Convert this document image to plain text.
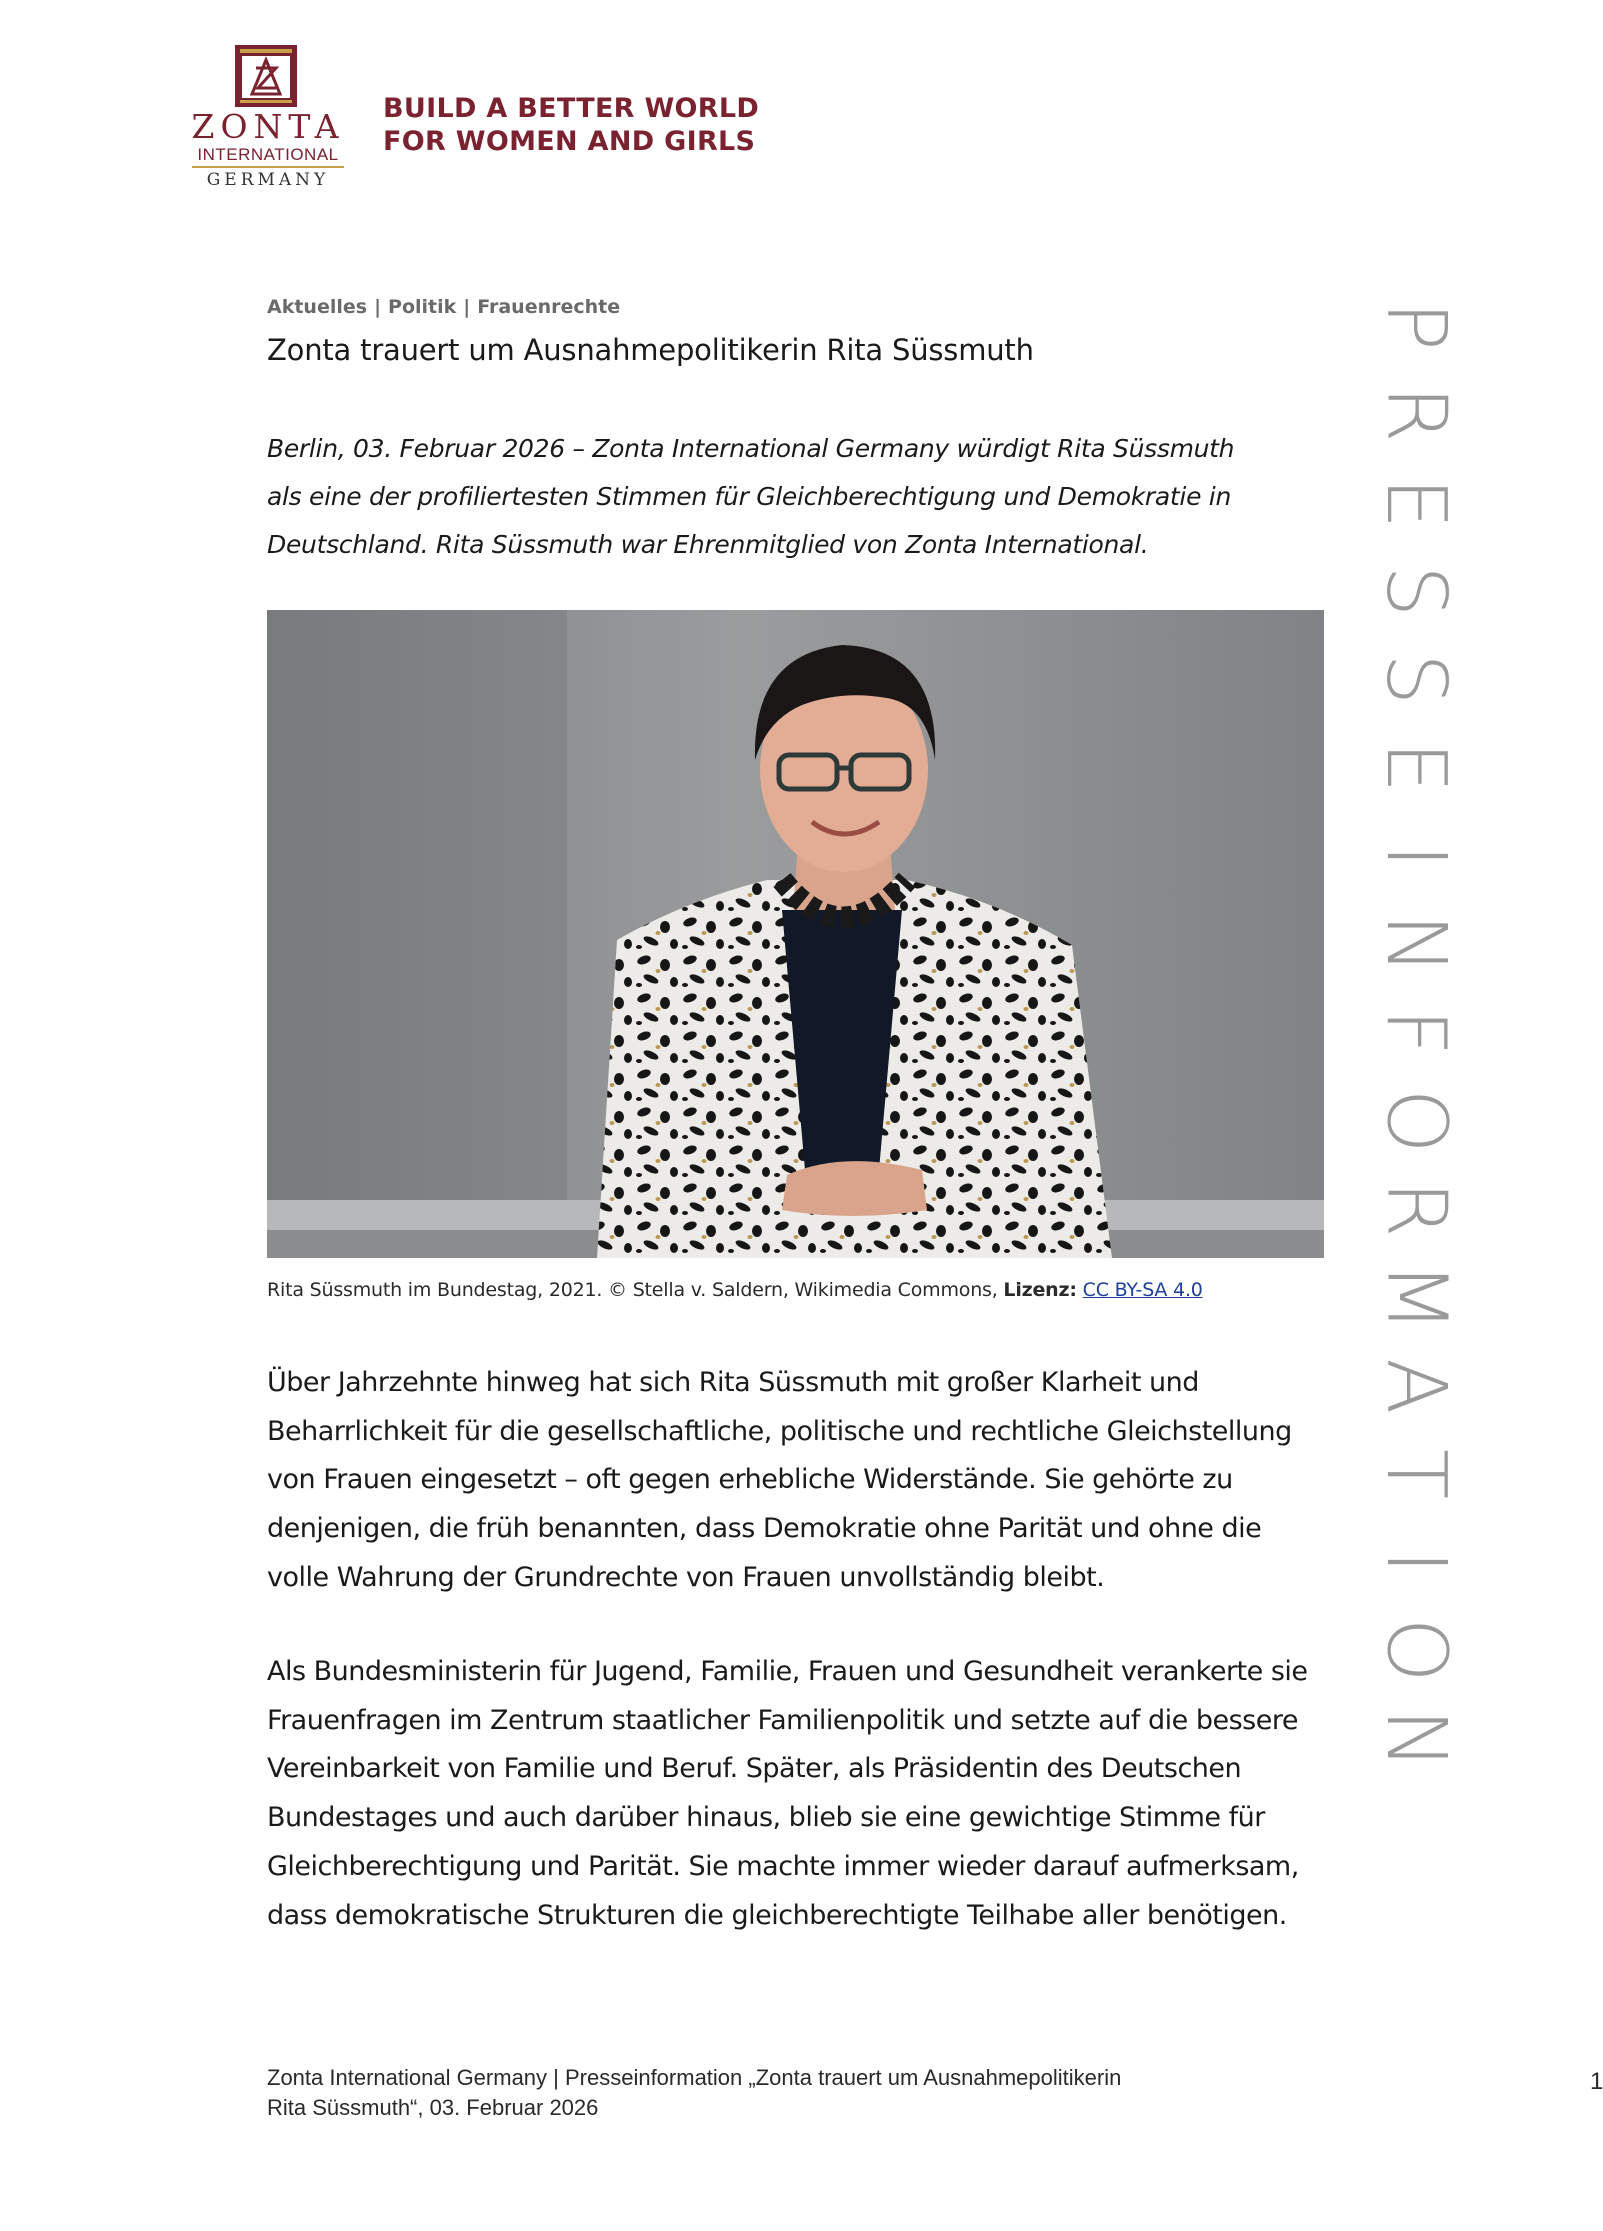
ZONTA
INTERNATIONAL
GERMANY
BUILD A BETTER WORLD
FOR WOMEN AND GIRLS
P
R
E
S
S
E
I
N
F
O
R
M
A
T
I
O
N
Aktuelles | Politik | Frauenrechte
Zonta trauert um Ausnahmepolitikerin Rita Süssmuth
Berlin, 03. Februar 2026 – Zonta International Germany würdigt Rita Süssmuth
als eine der profiliertesten Stimmen für Gleichberechtigung und Demokratie in
Deutschland. Rita Süssmuth war Ehrenmitglied von Zonta International.
Rita Süssmuth im Bundestag, 2021. © Stella v. Saldern, Wikimedia Commons, Lizenz: CC BY-SA 4.0
Über Jahrzehnte hinweg hat sich Rita Süssmuth mit großer Klarheit und
Beharrlichkeit für die gesellschaftliche, politische und rechtliche Gleichstellung
von Frauen eingesetzt – oft gegen erhebliche Widerstände. Sie gehörte zu
denjenigen, die früh benannten, dass Demokratie ohne Parität und ohne die
volle Wahrung der Grundrechte von Frauen unvollständig bleibt.
Als Bundesministerin für Jugend, Familie, Frauen und Gesundheit verankerte sie
Frauenfragen im Zentrum staatlicher Familienpolitik und setzte auf die bessere
Vereinbarkeit von Familie und Beruf. Später, als Präsidentin des Deutschen
Bundestages und auch darüber hinaus, blieb sie eine gewichtige Stimme für
Gleichberechtigung und Parität. Sie machte immer wieder darauf aufmerksam,
dass demokratische Strukturen die gleichberechtigte Teilhabe aller benötigen.
Zonta International Germany | Presseinformation „Zonta trauert um Ausnahmepolitikerin
Rita Süssmuth“, 03. Februar 2026
1
